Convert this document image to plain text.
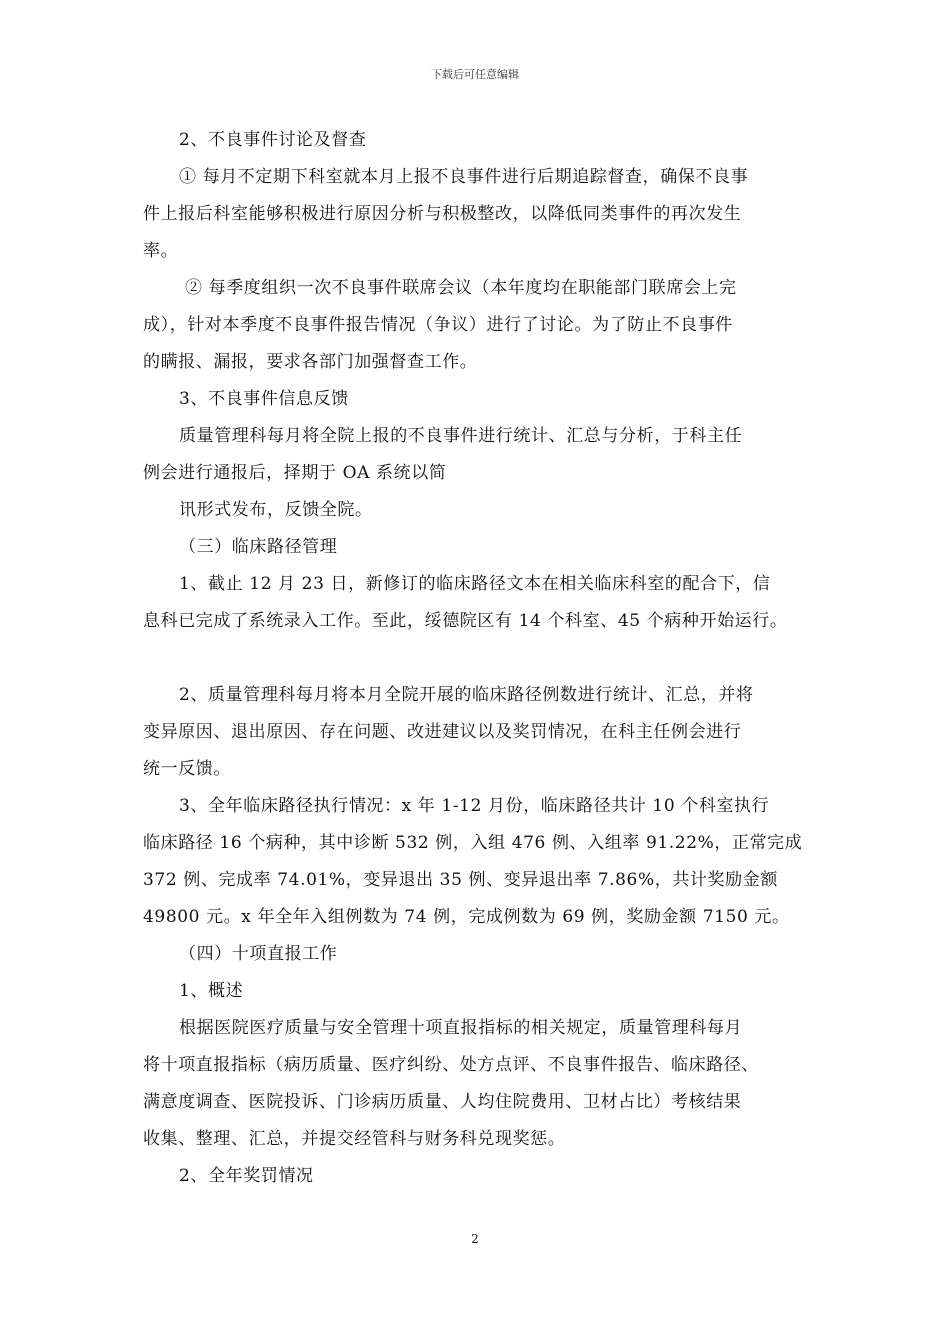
下载后可任意编辑
2、不良事件讨论及督查
① 每月不定期下科室就本月上报不良事件进行后期追踪督查，确保不良事
件上报后科室能够积极进行原因分析与积极整改，以降低同类事件的再次发生
率。
② 每季度组织一次不良事件联席会议（本年度均在职能部门联席会上完
成），针对本季度不良事件报告情况（争议）进行了讨论。为了防止不良事件
的瞒报、漏报，要求各部门加强督查工作。
3、不良事件信息反馈
质量管理科每月将全院上报的不良事件进行统计、汇总与分析，于科主任
例会进行通报后，择期于 OA 系统以简
讯形式发布，反馈全院。
（三）临床路径管理
1、截止 12 月 23 日，新修订的临床路径文本在相关临床科室的配合下，信
息科已完成了系统录入工作。至此，绥德院区有 14 个科室、45 个病种开始运行。
2、质量管理科每月将本月全院开展的临床路径例数进行统计、汇总，并将
变异原因、退出原因、存在问题、改进建议以及奖罚情况，在科主任例会进行
统一反馈。
3、全年临床路径执行情况：x 年 1-12 月份，临床路径共计 10 个科室执行
临床路径 16 个病种，其中诊断 532 例，入组 476 例、入组率 91.22%，正常完成
372 例、完成率 74.01%，变异退出 35 例、变异退出率 7.86%，共计奖励金额
49800 元。x 年全年入组例数为 74 例，完成例数为 69 例，奖励金额 7150 元。
（四）十项直报工作
1、概述
根据医院医疗质量与安全管理十项直报指标的相关规定，质量管理科每月
将十项直报指标（病历质量、医疗纠纷、处方点评、不良事件报告、临床路径、
满意度调查、医院投诉、门诊病历质量、人均住院费用、卫材占比）考核结果
收集、整理、汇总，并提交经管科与财务科兑现奖惩。
2、全年奖罚情况
2
